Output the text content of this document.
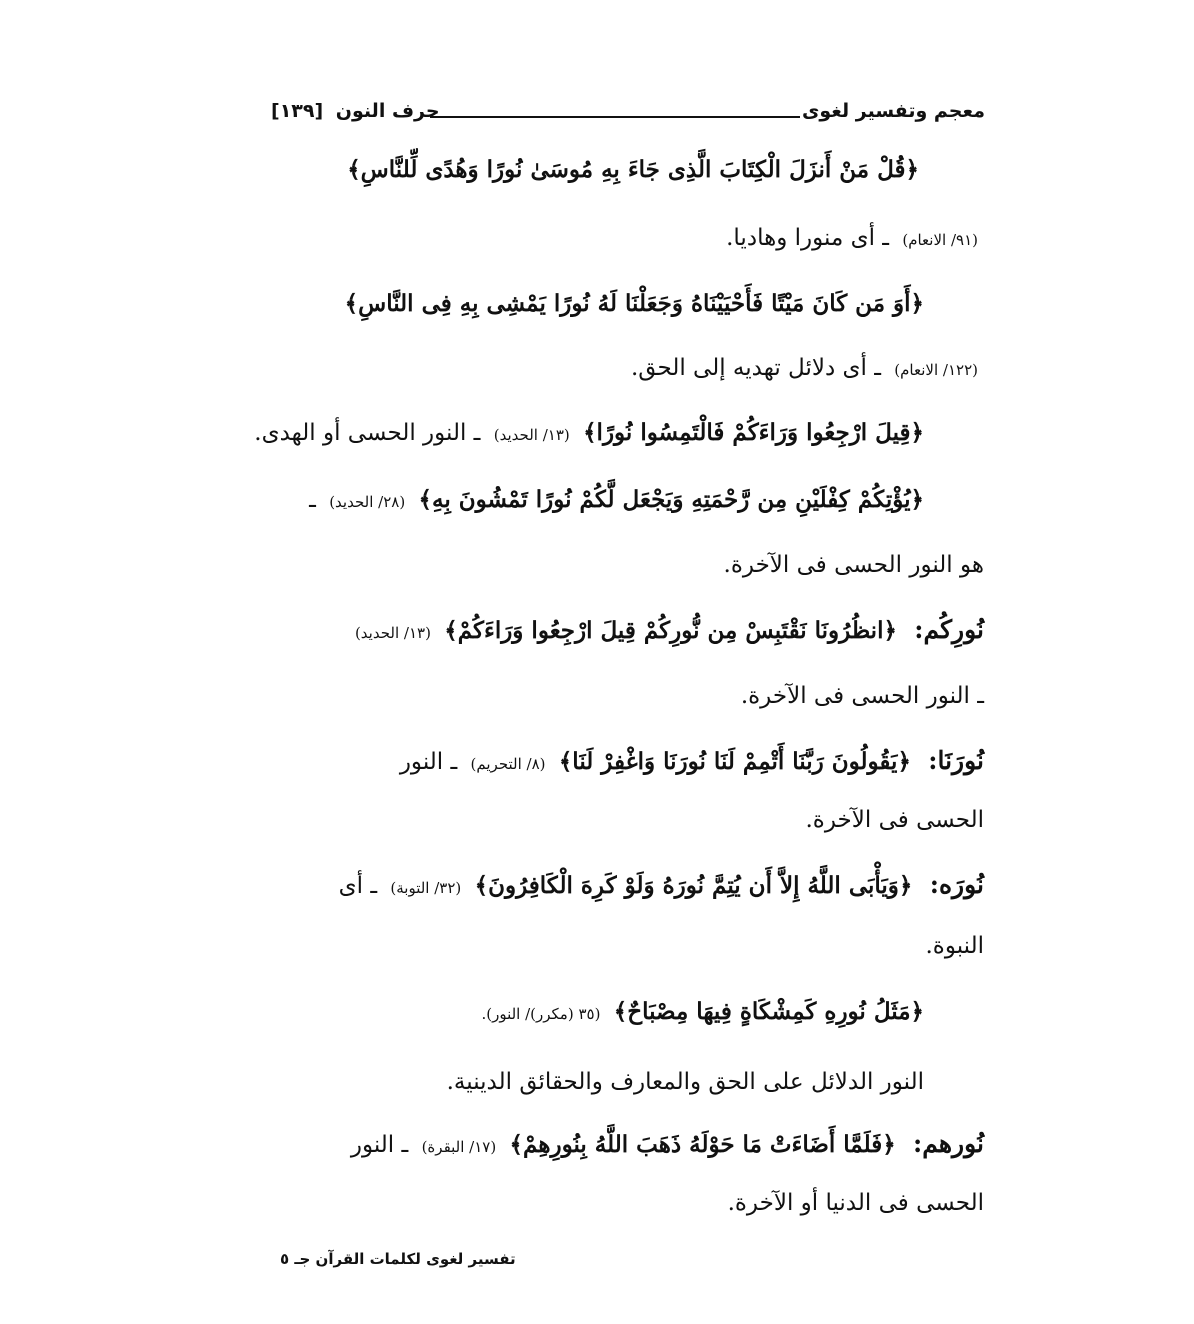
معجم وتفسير لغوى
حرف النون [١٣٩]
﴿قُلْ مَنْ أَنزَلَ الْكِتَابَ الَّذِى جَاءَ بِهِ مُوسَىٰ نُورًا وَهُدًى لِّلنَّاسِ﴾
(٩١/ الانعام) ـ أى منورا وهاديا.
﴿أَوَ مَن كَانَ مَيْتًا فَأَحْيَيْنَاهُ وَجَعَلْنَا لَهُ نُورًا يَمْشِى بِهِ فِى النَّاسِ﴾
(١٢٢/ الانعام) ـ أى دلائل تهديه إلى الحق.
﴿قِيلَ ارْجِعُوا وَرَاءَكُمْ فَالْتَمِسُوا نُورًا﴾ (١٣/ الحديد) ـ النور الحسى أو الهدى.
﴿يُؤْتِكُمْ كِفْلَيْنِ مِن رَّحْمَتِهِ وَيَجْعَل لَّكُمْ نُورًا تَمْشُونَ بِهِ﴾ (٢٨/ الحديد) ـ
هو النور الحسى فى الآخرة.
نُورِكُم: ﴿انظُرُونَا نَقْتَبِسْ مِن نُّورِكُمْ قِيلَ ارْجِعُوا وَرَاءَكُمْ﴾ (١٣/ الحديد)
ـ النور الحسى فى الآخرة.
نُورَنَا: ﴿يَقُولُونَ رَبَّنَا أَتْمِمْ لَنَا نُورَنَا وَاغْفِرْ لَنَا﴾ (٨/ التحريم) ـ النور
الحسى فى الآخرة.
نُورَه: ﴿وَيَأْبَى اللَّهُ إِلاَّ أَن يُتِمَّ نُورَهُ وَلَوْ كَرِهَ الْكَافِرُونَ﴾ (٣٢/ التوبة) ـ أى
النبوة.
﴿مَثَلُ نُورِهِ كَمِشْكَاةٍ فِيهَا مِصْبَاحٌ﴾ (٣٥ (مكرر)/ النور).
النور الدلائل على الحق والمعارف والحقائق الدينية.
نُورهم: ﴿فَلَمَّا أَضَاءَتْ مَا حَوْلَهُ ذَهَبَ اللَّهُ بِنُورِهِمْ﴾ (١٧/ البقرة) ـ النور
الحسى فى الدنيا أو الآخرة.
تفسير لغوى لكلمات القرآن جـ ٥
